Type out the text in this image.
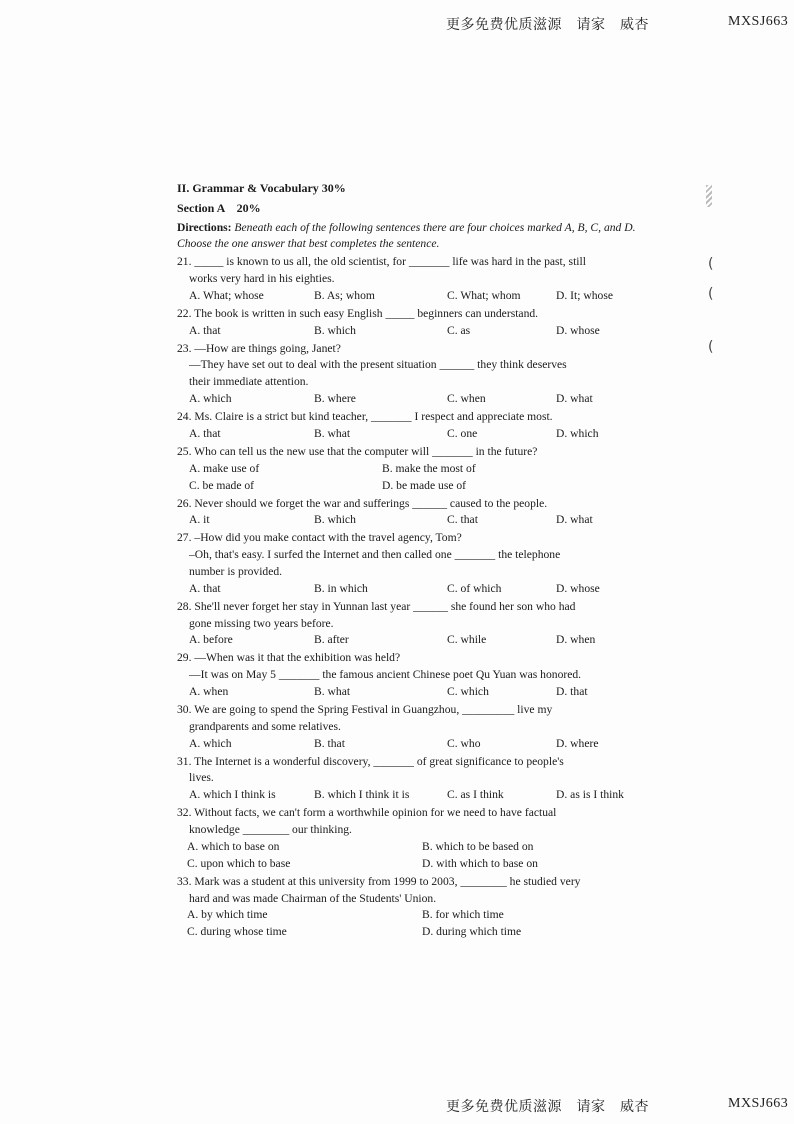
更多免费优质滋源　请家　威杏	MXSJ663
(
(
(
II. Grammar & Vocabulary 30%
Section A　20%
Directions: Beneath each of the following sentences there are four choices marked A, B, C, and D. Choose the one answer that best completes the sentence.
21. _____ is known to us all, the old scientist, for _______ life was hard in the past, still
works very hard in his eighties.
A. What; whose	B. As; whom	C. What; whom	D. It; whose
22. The book is written in such easy English _____ beginners can understand.
A. that	B. which	C. as	D. whose
23. —How are things going, Janet?
—They have set out to deal with the present situation ______ they think deserves
their immediate attention.
A. which	B. where	C. when	D. what
24. Ms. Claire is a strict but kind teacher, _______ I respect and appreciate most.
A. that	B. what	C. one	D. which
25. Who can tell us the new use that the computer will _______ in the future?
A. make use of	B. make the most of
C. be made of	D. be made use of
26. Never should we forget the war and sufferings ______ caused to the people.
A. it	B. which	C. that	D. what
27. –How did you make contact with the travel agency, Tom?
–Oh, that's easy. I surfed the Internet and then called one _______ the telephone
number is provided.
A. that	B. in which	C. of which	D. whose
28. She'll never forget her stay in Yunnan last year ______ she found her son who had
gone missing two years before.
A. before	B. after	C. while	D. when
29. —When was it that the exhibition was held?
—It was on May 5 _______ the famous ancient Chinese poet Qu Yuan was honored.
A. when	B. what	C. which	D. that
30. We are going to spend the Spring Festival in Guangzhou, _________ live my
grandparents and some relatives.
A. which	B. that	C. who	D. where
31. The Internet is a wonderful discovery, _______ of great significance to people's
lives.
A. which I think is	B. which I think it is	C. as I think	D. as is I think
32. Without facts, we can't form a worthwhile opinion for we need to have factual
knowledge ________ our thinking.
A. which to base on	B. which to be based on
C. upon which to base	D. with which to base on
33. Mark was a student at this university from 1999 to 2003, ________ he studied very
hard and was made Chairman of the Students' Union.
A. by which time	B. for which time
C. during whose time	D. during which time
更多免费优质滋源　请家　威杏	MXSJ663
